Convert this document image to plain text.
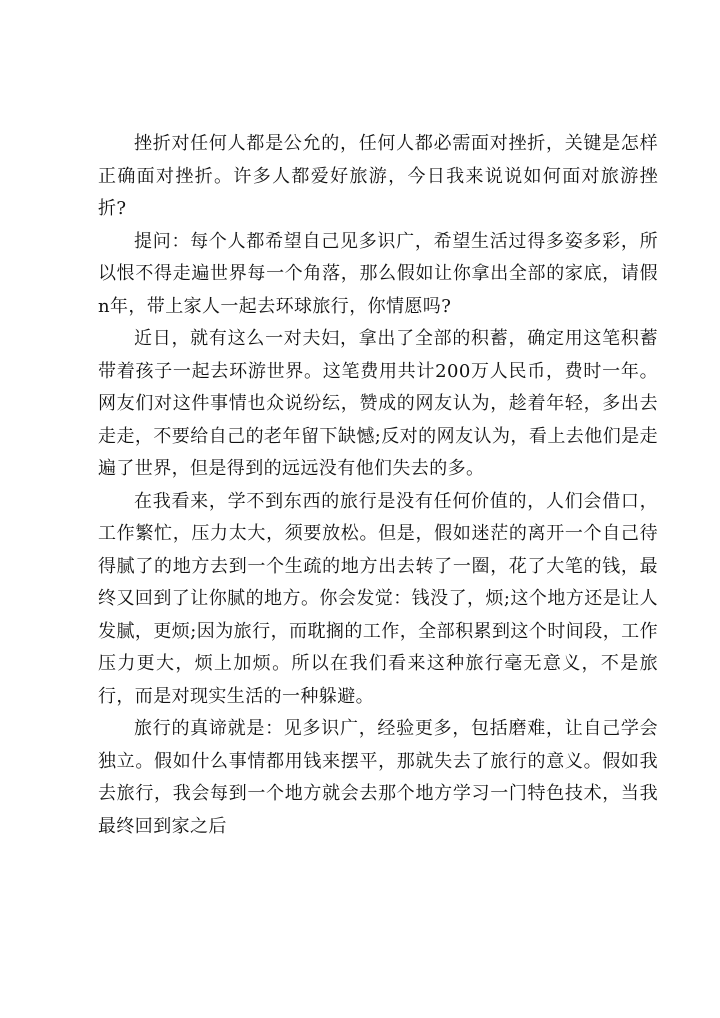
挫折对任何人都是公允的，任何人都必需面对挫折，关键是怎样正确面对挫折。许多人都爱好旅游，今日我来说说如何面对旅游挫折?

提问：每个人都希望自己见多识广，希望生活过得多姿多彩，所以恨不得走遍世界每一个角落，那么假如让你拿出全部的家底，请假n年，带上家人一起去环球旅行，你情愿吗?

近日，就有这么一对夫妇，拿出了全部的积蓄，确定用这笔积蓄带着孩子一起去环游世界。这笔费用共计200万人民币，费时一年。网友们对这件事情也众说纷纭，赞成的网友认为，趁着年轻，多出去走走，不要给自己的老年留下缺憾;反对的网友认为，看上去他们是走遍了世界，但是得到的远远没有他们失去的多。

在我看来，学不到东西的旅行是没有任何价值的，人们会借口，工作繁忙，压力太大，须要放松。但是，假如迷茫的离开一个自己待得腻了的地方去到一个生疏的地方出去转了一圈，花了大笔的钱，最终又回到了让你腻的地方。你会发觉：钱没了，烦;这个地方还是让人发腻，更烦;因为旅行，而耽搁的工作，全部积累到这个时间段，工作压力更大，烦上加烦。所以在我们看来这种旅行毫无意义，不是旅行，而是对现实生活的一种躲避。

旅行的真谛就是：见多识广，经验更多，包括磨难，让自己学会独立。假如什么事情都用钱来摆平，那就失去了旅行的意义。假如我去旅行，我会每到一个地方就会去那个地方学习一门特色技术，当我最终回到家之后
